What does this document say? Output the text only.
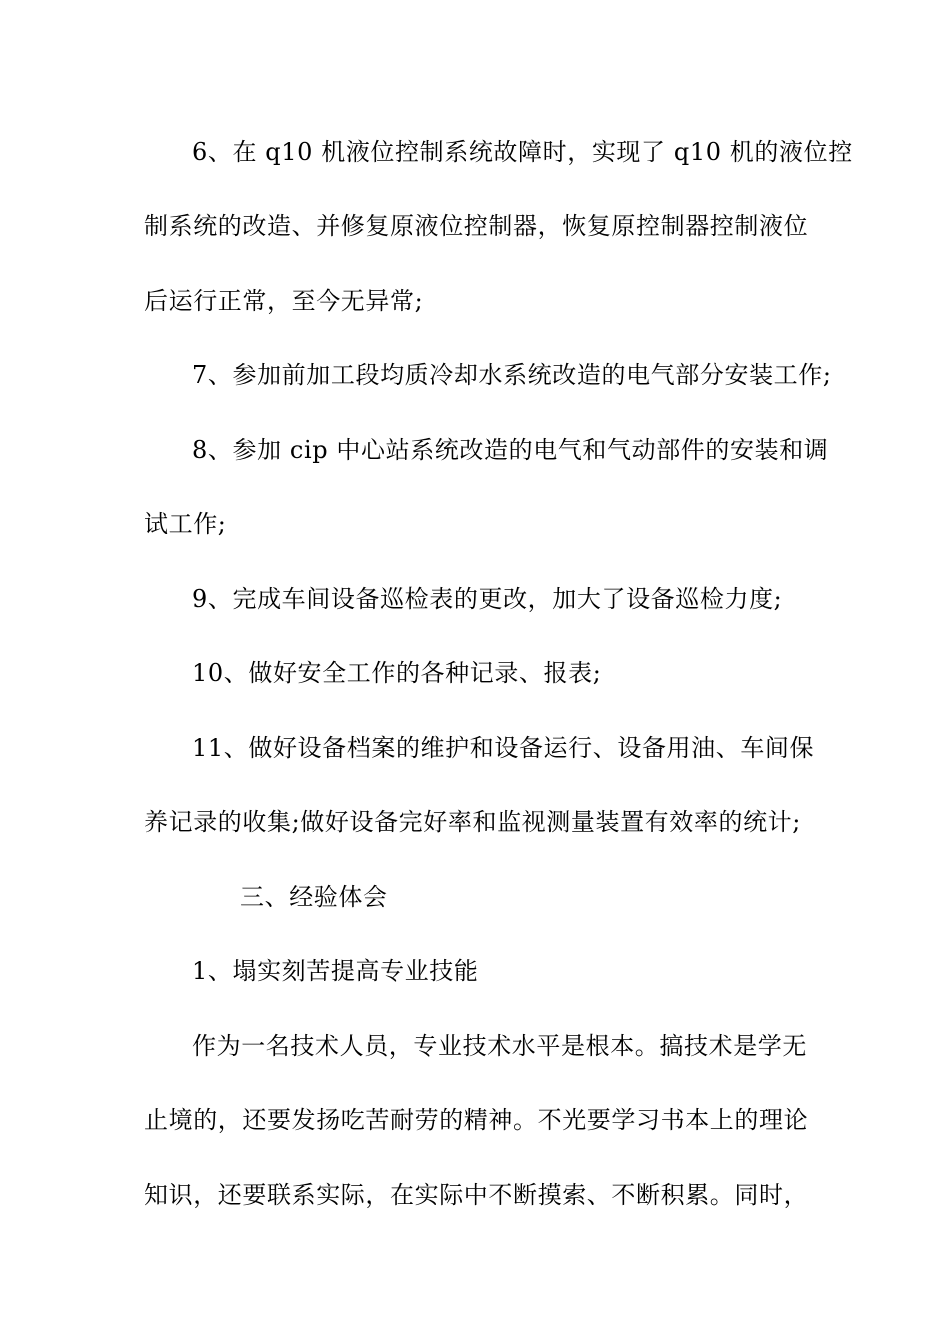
6、在 q10 机液位控制系统故障时，实现了 q10 机的液位控
制系统的改造、并修复原液位控制器，恢复原控制器控制液位
后运行正常，至今无异常;
7、参加前加工段均质冷却水系统改造的电气部分安装工作;
8、参加 cip 中心站系统改造的电气和气动部件的安装和调
试工作;
9、完成车间设备巡检表的更改，加大了设备巡检力度;
10、做好安全工作的各种记录、报表;
11、做好设备档案的维护和设备运行、设备用油、车间保
养记录的收集;做好设备完好率和监视测量装置有效率的统计;
三、经验体会
1、塌实刻苦提高专业技能
作为一名技术人员，专业技术水平是根本。搞技术是学无
止境的，还要发扬吃苦耐劳的精神。不光要学习书本上的理论
知识，还要联系实际，在实际中不断摸索、不断积累。同时，
